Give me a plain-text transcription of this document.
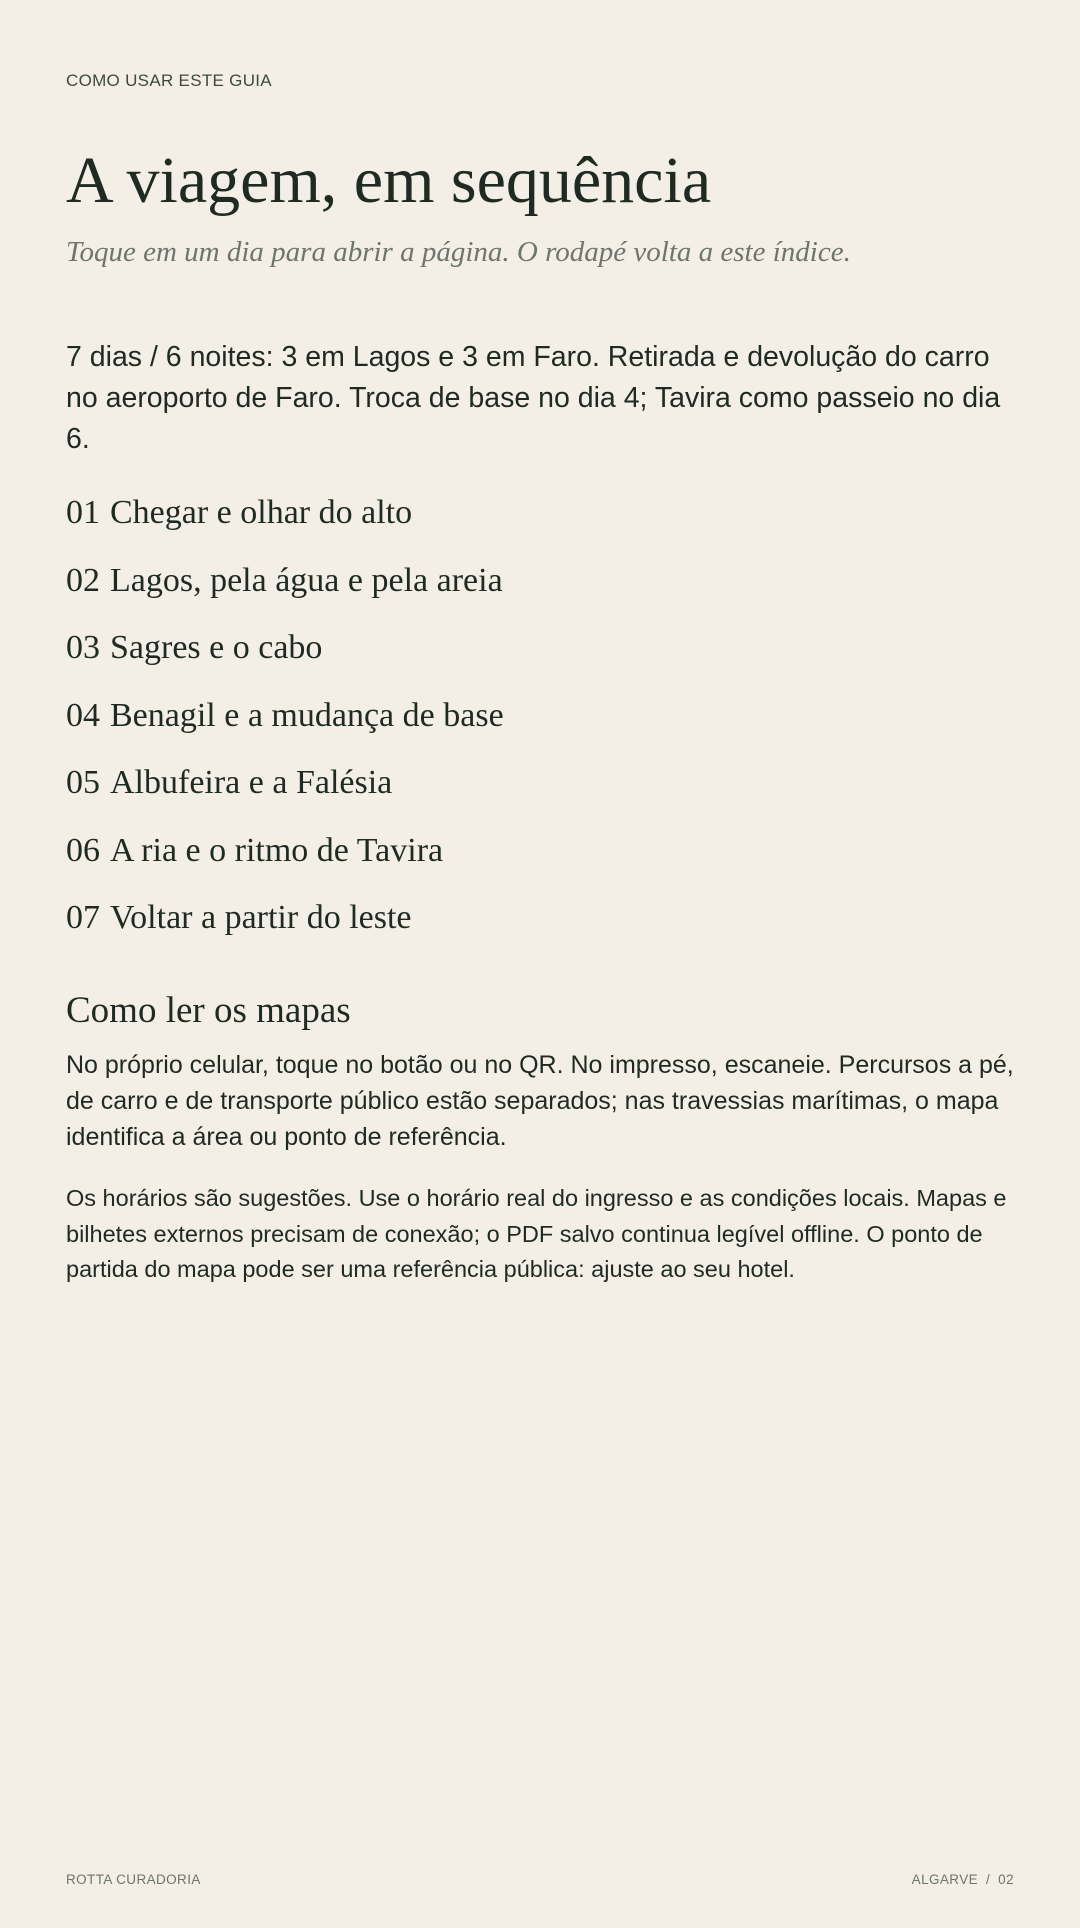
COMO USAR ESTE GUIA
A viagem, em sequência

Toque em um dia para abrir a página. O rodapé volta a este índice.

7 dias / 6 noites: 3 em Lagos e 3 em Faro. Retirada e devolução do carro no aeroporto de Faro. Troca de base no dia 4; Tavira como passeio no dia 6.

01 Chegar e olhar do alto
02 Lagos, pela água e pela areia
03 Sagres e o cabo
04 Benagil e a mudança de base
05 Albufeira e a Falésia
06 A ria e o ritmo de Tavira
07 Voltar a partir do leste
Como ler os mapas

No próprio celular, toque no botão ou no QR. No impresso, escaneie. Percursos a pé, de carro e de transporte público estão separados; nas travessias marítimas, o mapa identifica a área ou ponto de referência.

Os horários são sugestões. Use o horário real do ingresso e as condições locais. Mapas e bilhetes externos precisam de conexão; o PDF salvo continua legível offline. O ponto de partida do mapa pode ser uma referência pública: ajuste ao seu hotel.

ROTTA CURADORIA	ALGARVE / 02
